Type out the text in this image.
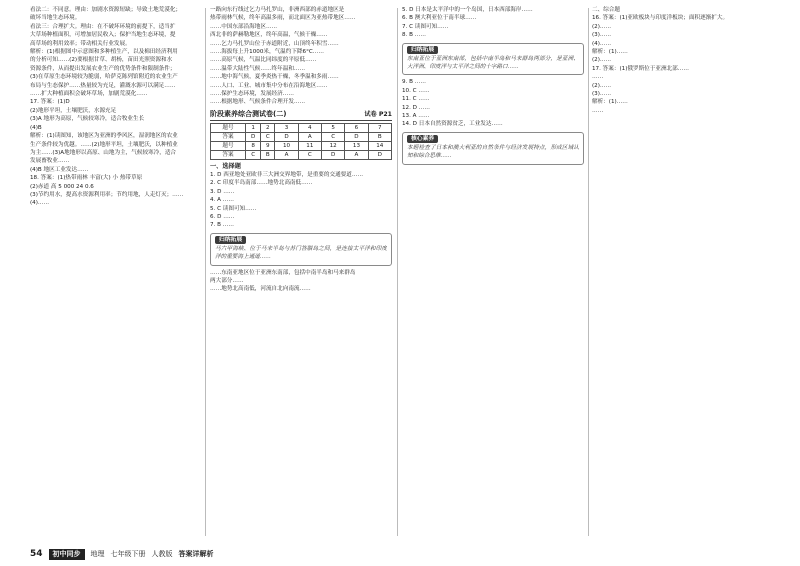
看法二：不同意。理由：加剧水资源短缺；导致土地荒漠化；
破坏当地生态环境。
看法三：合理扩大。理由：在不破坏环境的前提下，适当扩
大草场种植面积，可增加居民收入；保护当地生态环境，提
高草场的利用效率；带动相关行业发展。
解析：(1)根据图中示意图和多种植生产，以及棉田经济利用
的分析可知……(2)要根据甘草、胡杨，苗田光照资源和水
资源条件，从而提出发展农业生产的优势条件和限制条件；
(3)在草原生态环境较为脆弱，哈萨克陈列馆附近的农业生产
布局与生态保护……热量较为充足，灌溉水源可以满足……
……扩大种植面积会破坏草场，加剧荒漠化……
17. 答案：(1)D
(2)地形平坦，土壤肥沃，水源充足
(3)A 地形为高原，气候较寒冷，适合牧业生长
(4)B
解析：(1)读图知，该地区为亚洲的季风区，湿润地区的农业
生产条件较为优越。……(2)地形平坦，土壤肥沃，以种植业
为主……(3)A地地形以高原、山地为主，气候较寒冷，适合
发展畜牧业……
(4)B 地区工业发达……
18. 答案：(1)热带雨林 丰富(大) 小 热带草原
(2)赤道 高 5 000 24 0.6
(3)节约用水，提高水资源利用率；节约用地，人走灯灭；……
(4)……
一路向东行线过乞力马扎罗山，非洲西部的赤道地区是
热带雨林气候，终年高温多雨，而北面区为亚热带地区……
……中国东部沿海地区……
西北非的萨赫勒地区，终年高温，气候干燥……
……乞力马扎罗山位于赤道附近，山顶终年积雪……
……海拔每上升1000米，气温约下降6°C……
……高原气候，气温比同纬度的平原低……
……温带大陆性气候……终年温和……
……地中海气候，夏季炎热干燥，冬季温和多雨……
……人口、工业、城市集中分布在沿海地区……
……保护生态环境，发展经济……
……根据地形、气候条件合理开发……
阶段素养综合测试卷(二)	试卷 P21
题号	1	2	3	4	5	6	7
答案	D	C	D	A	C	D	B
题号	8	9	10	11	12	13	14
答案	C	B	A	C	D	A	D
一、选择题
1. D 西亚地处亚欧非三大洲交界地带，是重要的交通要道……
2. C 印度半岛南部……地势北高南低……
3. D ……
4. A ……
5. C 读图可知……
6. D ……
7. B ……
归纳拓展
马六甲海峡、位于马来半岛与苏门答腊岛之间，是连接太平洋和印度洋的重要海上通道……
……东南亚地区位于亚洲东南部，包括中南半岛和马来群岛
两大部分……
……地势北高南低，河流自北向南流……
5. D 日本是太平洋中的一个岛国，日本西部海岸……
6. B 澳大利亚位于南半球……
7. C 读图可知……
8. B ……
归纳拓展
东南亚位于亚洲东南部，包括中南半岛和马来群岛两部分，是亚洲、大洋洲、印度洋与太平洋之间的十字路口……
9. B ……
10. C ……
11. C ……
12. D ……
13. A ……
14. D 日本自然资源贫乏，工业发达……
核心素养
本题检查了日本和澳大利亚的自然条件与经济发展特点，形成区域认知和综合思维……
二、综合题
16. 答案：(1)亚欧板块与印度洋板块；面积逐渐扩大。
(2)……
(3)……
(4)……
解析：(1)……
(2)……
17. 答案：(1)俄罗斯位于亚洲北部……
……
(2)……
(3)……
解析：(1)……
……
54	初中同步	地理 七年级下册 人教版 答案详解析
